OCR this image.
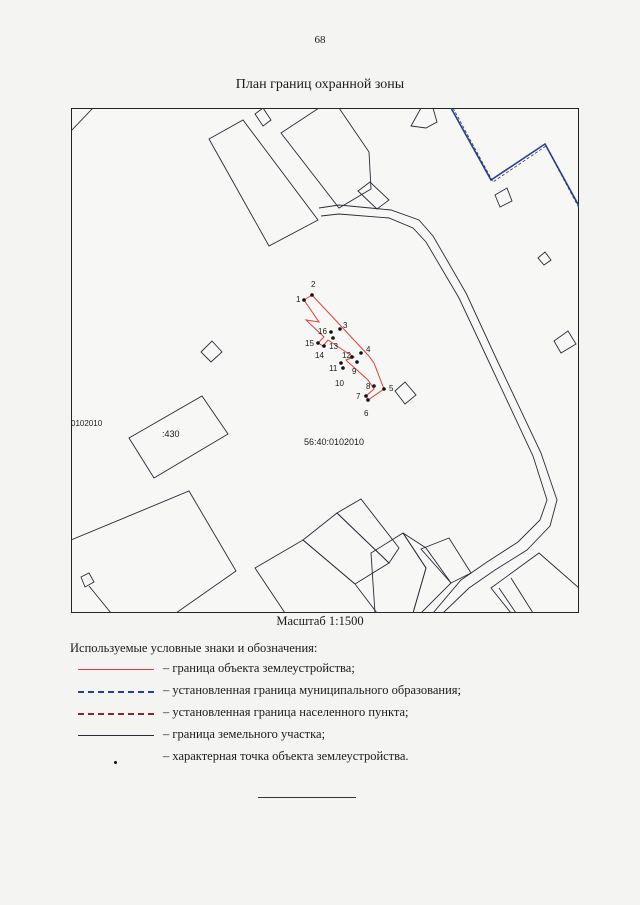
68
План границ охранной зоны
1
2
3
4
5
6
7
8
9
10
11
12
13
14
15
16
56:40:0102010
0102010
:430
Масштаб 1:1500
Используемые условные знаки и обозначения:
– граница объекта землеустройства;
– установленная граница муниципального образования;
– установленная граница населенного пункта;
– граница земельного участка;
– характерная точка объекта землеустройства.
